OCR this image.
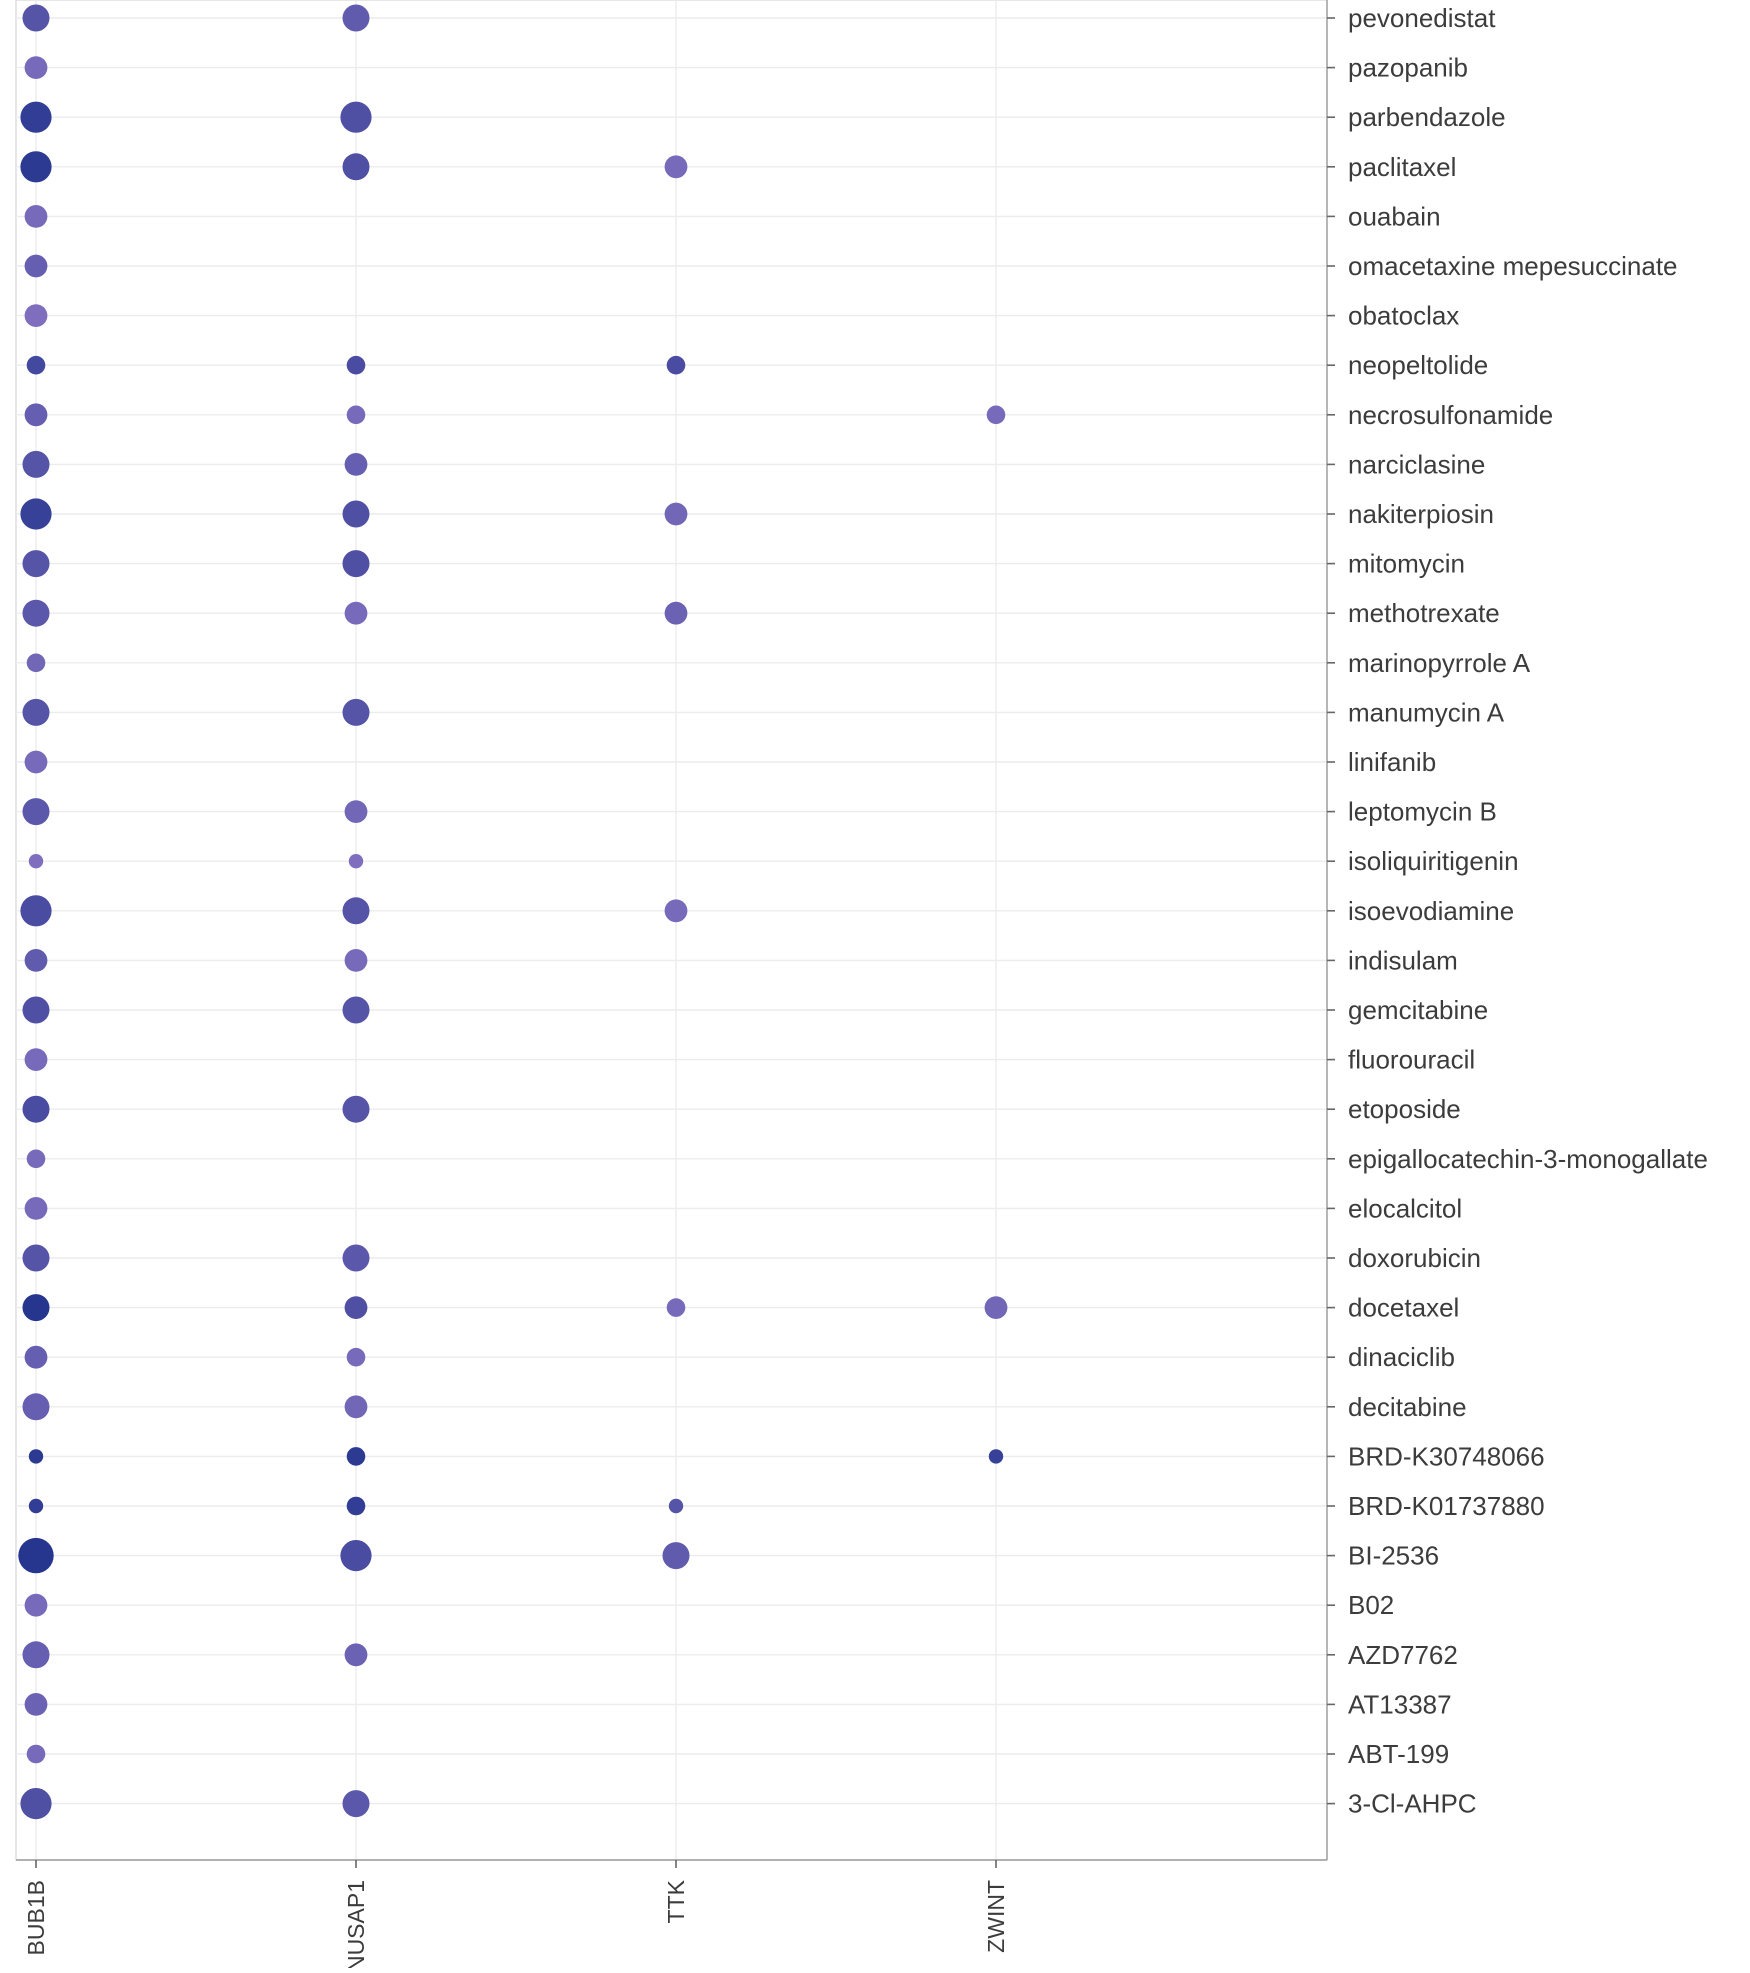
pevonedistat
pazopanib
parbendazole
paclitaxel
ouabain
omacetaxine mepesuccinate
obatoclax
neopeltolide
necrosulfonamide
narciclasine
nakiterpiosin
mitomycin
methotrexate
marinopyrrole A
manumycin A
linifanib
leptomycin B
isoliquiritigenin
isoevodiamine
indisulam
gemcitabine
fluorouracil
etoposide
epigallocatechin-3-monogallate
elocalcitol
doxorubicin
docetaxel
dinaciclib
decitabine
BRD-K30748066
BRD-K01737880
BI-2536
B02
AZD7762
AT13387
ABT-199
3-Cl-AHPC
BUB1B	NUSAP1	TTK	ZWINT
